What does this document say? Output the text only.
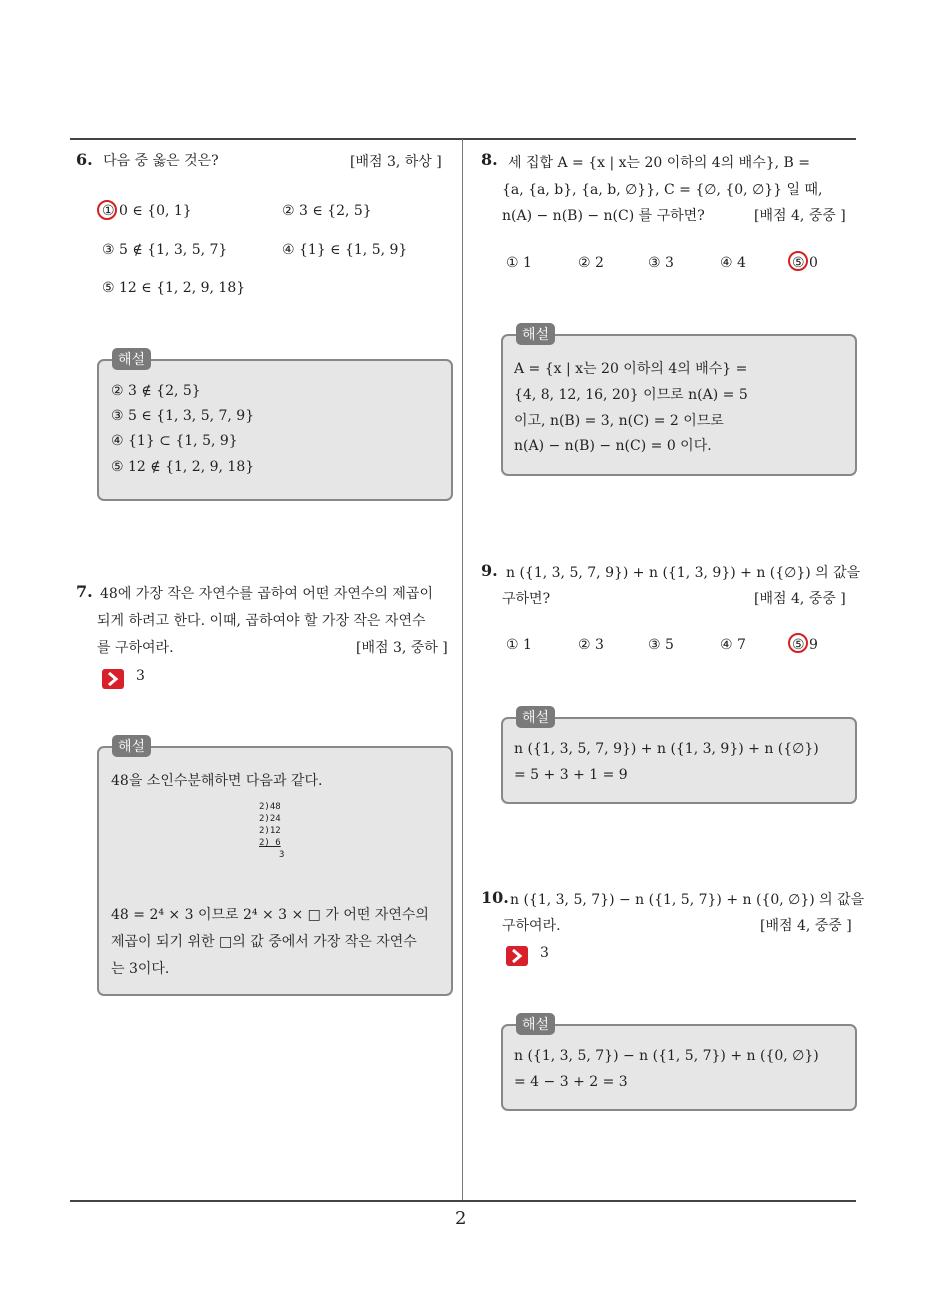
2
6. 다음 중 옳은 것은?	[배점 3, 하상 ]
① 0 ∈ {0, 1}	② 3 ∈ {2, 5}
③ 5 ∉ {1, 3, 5, 7}	④ {1} ∈ {1, 5, 9}
⑤ 12 ∈ {1, 2, 9, 18}
해설
② 3 ∉ {2, 5}
③ 5 ∈ {1, 3, 5, 7, 9}
④ {1} ⊂ {1, 5, 9}
⑤ 12 ∉ {1, 2, 9, 18}
7. 48에 가장 작은 자연수를 곱하여 어떤 자연수의 제곱이
되게 하려고 한다. 이때, 곱하여야 할 가장 작은 자연수
를 구하여라.	[배점 3, 중하 ]
3
해설
48을 소인수분해하면 다음과 같다.
2)48
2)24
2)12
2) 6
3
48 = 2⁴ × 3 이므로 2⁴ × 3 × □ 가 어떤 자연수의
제곱이 되기 위한 □의 값 중에서 가장 작은 자연수
는 3이다.
8. 세 집합 A = {x | x는 20 이하의 4의 배수}, B =
{a, {a, b}, {a, b, ∅}}, C = {∅, {0, ∅}} 일 때,
n(A) − n(B) − n(C) 를 구하면?	[배점 4, 중중 ]
① 1	② 2	③ 3	④ 4	⑤ 0
해설
A = {x | x는 20 이하의 4의 배수} =
{4, 8, 12, 16, 20} 이므로 n(A) = 5
이고, n(B) = 3, n(C) = 2 이므로
n(A) − n(B) − n(C) = 0 이다.
9. n ({1, 3, 5, 7, 9}) + n ({1, 3, 9}) + n ({∅}) 의 값을
구하면?	[배점 4, 중중 ]
① 1	② 3	③ 5	④ 7	⑤ 9
해설
n ({1, 3, 5, 7, 9}) + n ({1, 3, 9}) + n ({∅})
= 5 + 3 + 1 = 9
10. n ({1, 3, 5, 7}) − n ({1, 5, 7}) + n ({0, ∅}) 의 값을
구하여라.	[배점 4, 중중 ]
3
해설
n ({1, 3, 5, 7}) − n ({1, 5, 7}) + n ({0, ∅})
= 4 − 3 + 2 = 3
